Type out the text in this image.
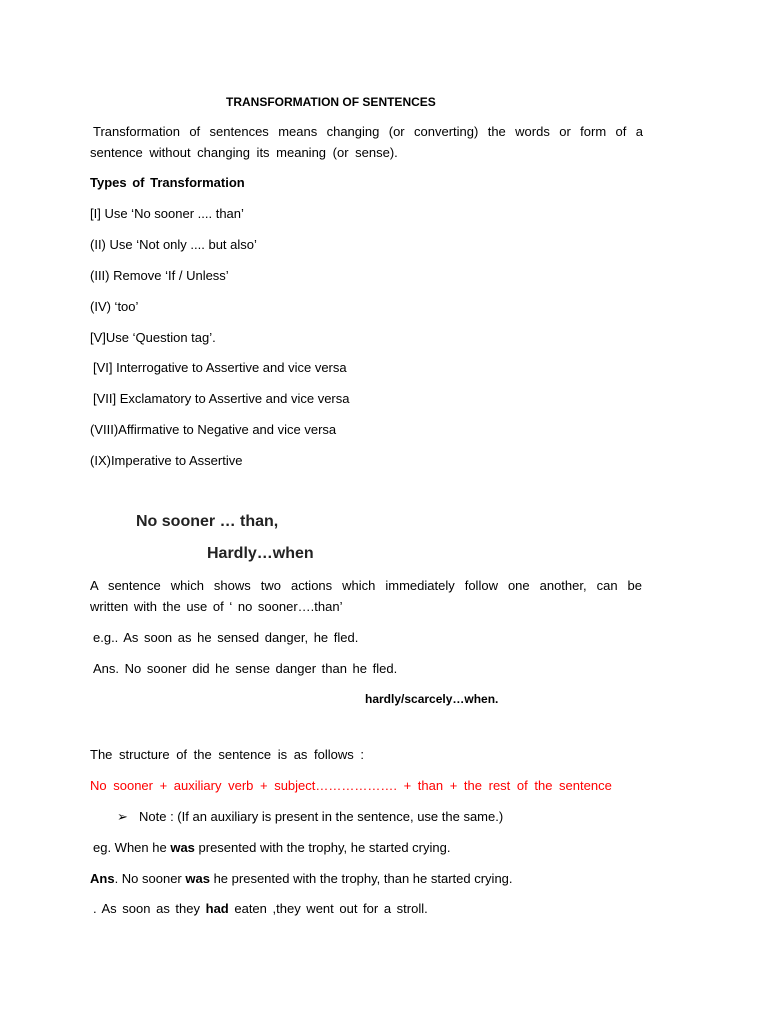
TRANSFORMATION OF SENTENCES
Transformation of sentences means changing (or converting) the words or form of a
sentence without changing its meaning (or sense).
Types of Transformation
[I] Use ‘No sooner .... than’
(II) Use ‘Not only .... but also’
(III) Remove ‘If / Unless’
(IV) ‘too’
[V]Use ‘Question tag’.
[VI] Interrogative to Assertive and vice versa
[VII] Exclamatory to Assertive and vice versa
(VIII)Affirmative to Negative and vice versa
(IX)Imperative to Assertive
No sooner … than,
Hardly…when
A sentence which shows two actions which immediately follow one another, can be
written with the use of ‘ no sooner….than’
e.g.. As soon as he sensed danger, he fled.
Ans. No sooner did he sense danger than he fled.
hardly/scarcely…when.
The structure of the sentence is as follows :
No sooner + auxiliary verb + subject………………. + than + the rest of the sentence
➢ Note : (If an auxiliary is present in the sentence, use the same.)
eg. When he was presented with the trophy, he started crying.
Ans. No sooner was he presented with the trophy, than he started crying.
. As soon as they had eaten ,they went out for a stroll.
